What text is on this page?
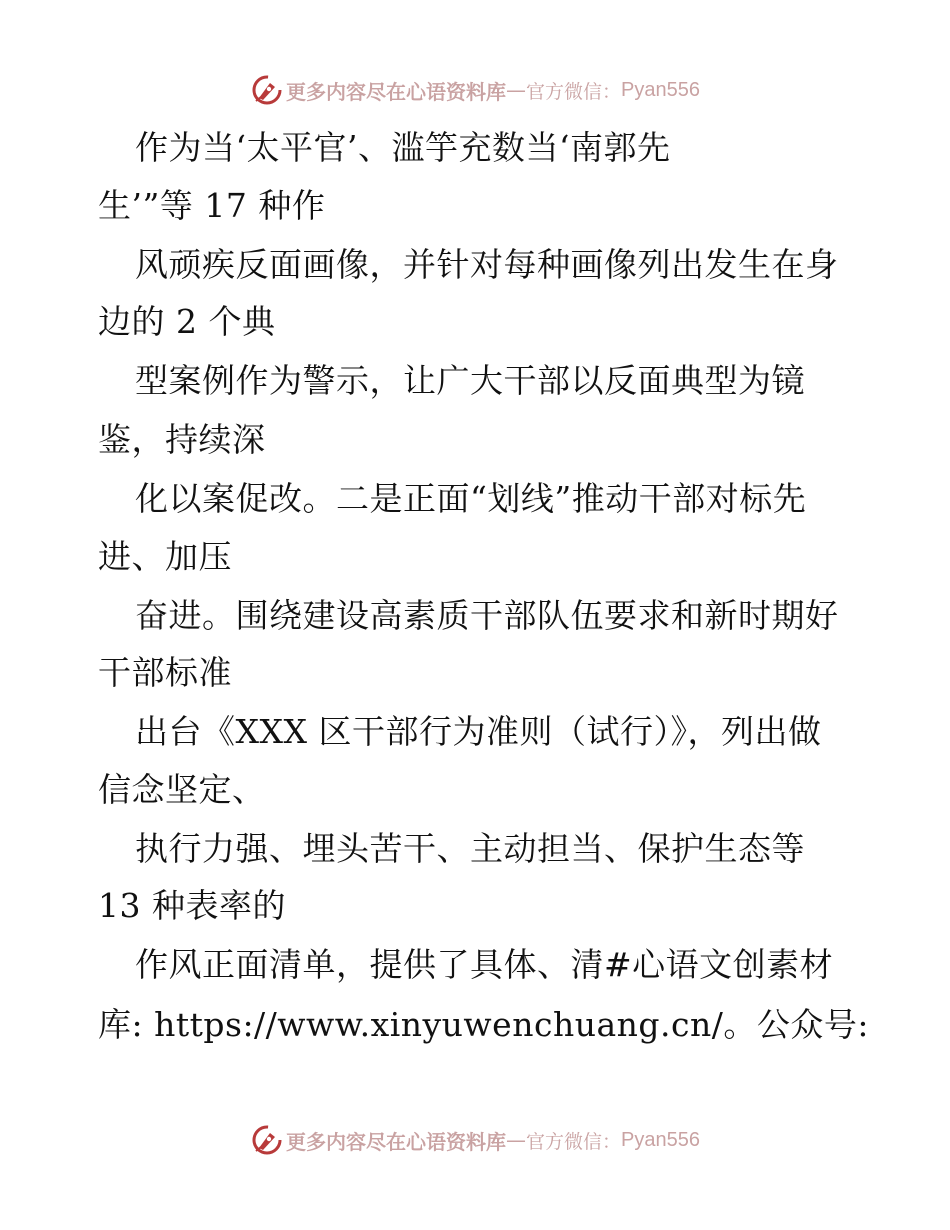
更多内容尽在心语资料库 — 官方微信： Pyan556
作为当‘太平官’、滥竽充数当‘南郭先
生’”等 17 种作
风顽疾反面画像，并针对每种画像列出发生在身
边的 2 个典
型案例作为警示，让广大干部以反面典型为镜
鉴，持续深
化以案促改。二是正面“划线”推动干部对标先
进、加压
奋进。围绕建设高素质干部队伍要求和新时期好
干部标准
出台《XXX 区干部行为准则（试行）》，列出做
信念坚定、
执行力强、埋头苦干、主动担当、保护生态等
13 种表率的
作风正面清单，提供了具体、清#心语文创素材
库: https://www.xinyuwenchuang.cn/。公众号:
更多内容尽在心语资料库 — 官方微信： Pyan556
